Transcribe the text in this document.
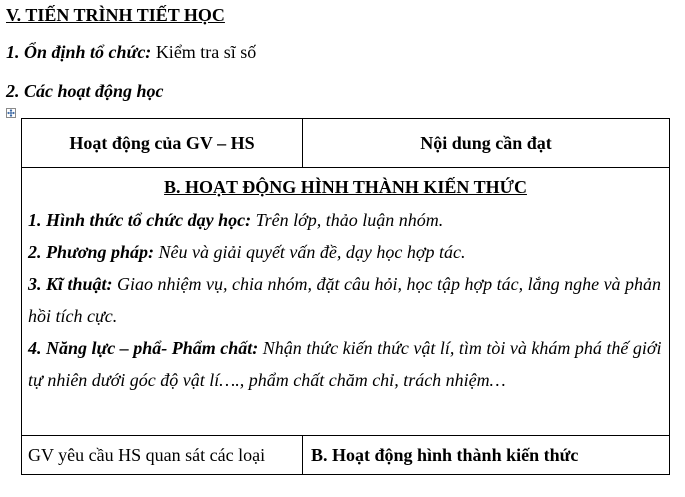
V. TIẾN TRÌNH TIẾT HỌC
1. Ổn định tổ chức: Kiểm tra sĩ số
2. Các hoạt động học
Hoạt động của GV – HS	Nội dung cần đạt

B. HOẠT ĐỘNG HÌNH THÀNH KIẾN THỨC

1. Hình thức tổ chức dạy học: Trên lớp, thảo luận nhóm.

2. Phương pháp: Nêu và giải quyết vấn đề, dạy học hợp tác.

3. Kĩ thuật: Giao nhiệm vụ, chia nhóm, đặt câu hỏi, học tập hợp tác, lắng nghe và phản hồi tích cực.

4. Năng lực – phẩ- Phẩm chất: Nhận thức kiến thức vật lí, tìm tòi và khám phá thế giới tự nhiên dưới góc độ vật lí…., phẩm chất chăm chỉ, trách nhiệm…	

GV yêu cầu HS quan sát các loại	B. Hoạt động hình thành kiến thức
